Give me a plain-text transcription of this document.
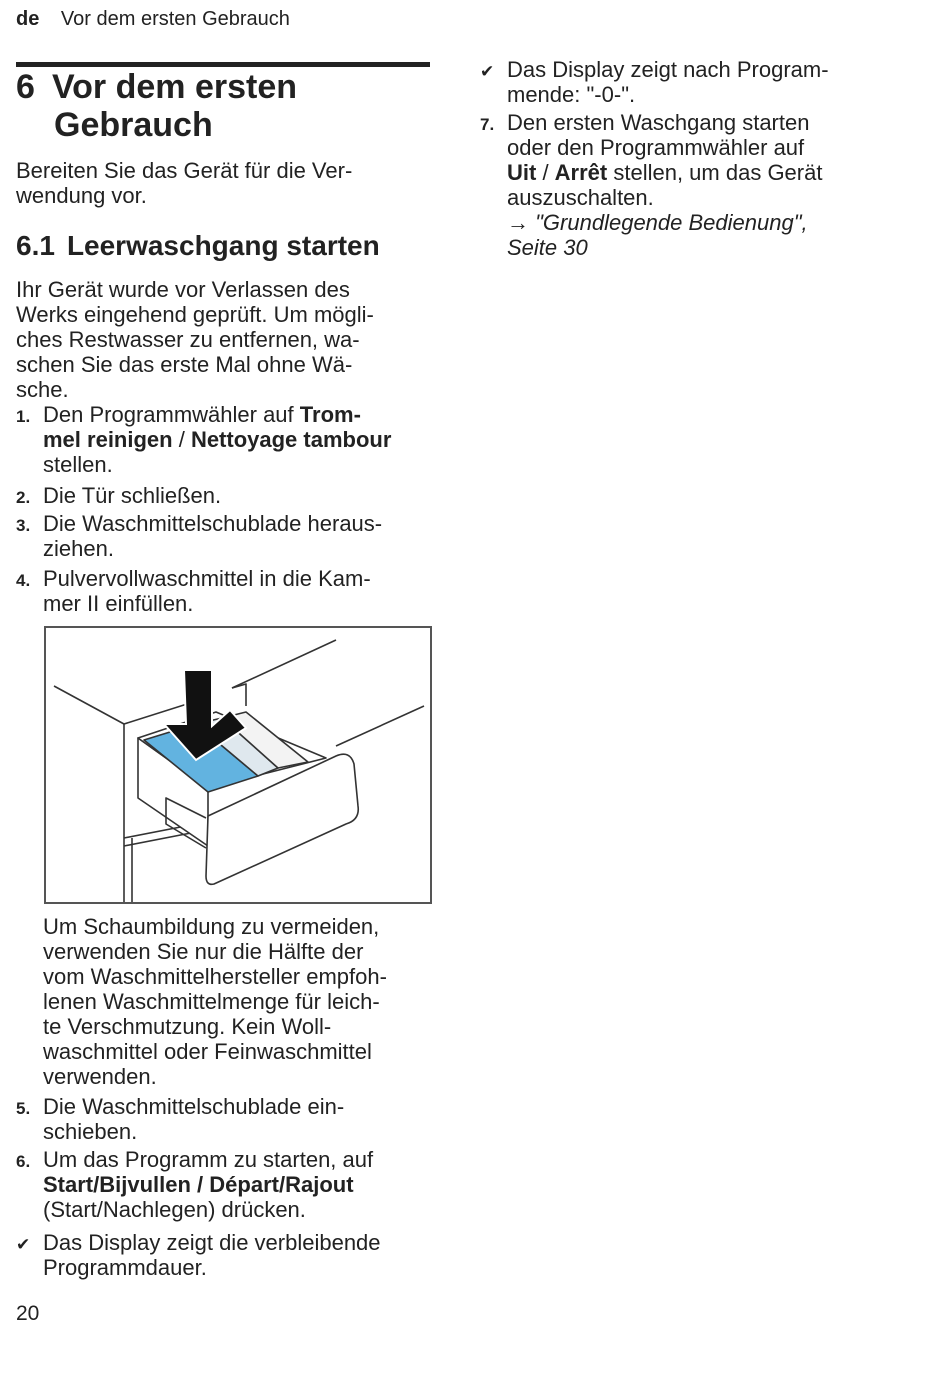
de Vor dem ersten Gebrauch
6 Vor dem ersten
Gebrauch
Bereiten Sie das Gerät für die Ver-
wendung vor.
6.1 Leerwaschgang starten
Ihr Gerät wurde vor Verlassen des
Werks eingehend geprüft. Um mögli-
ches Restwasser zu entfernen, wa-
schen Sie das erste Mal ohne Wä-
sche.
1. Den Programmwähler auf Trom-
mel reinigen / Nettoyage tambour
stellen.
2. Die Tür schließen.
3. Die Waschmittelschublade heraus-
ziehen.
4. Pulvervollwaschmittel in die Kam-
mer II einfüllen.
Um Schaumbildung zu vermeiden,
verwenden Sie nur die Hälfte der
vom Waschmittelhersteller empfoh-
lenen Waschmittelmenge für leich-
te Verschmutzung. Kein Woll-
waschmittel oder Feinwaschmittel
verwenden.
5. Die Waschmittelschublade ein-
schieben.
6. Um das Programm zu starten, auf
Start/Bijvullen / Départ/Rajout
(Start/Nachlegen) drücken.
✔ Das Display zeigt die verbleibende
Programmdauer.
✔ Das Display zeigt nach Program-
mende: "-0-".
7. Den ersten Waschgang starten
oder den Programmwähler auf
Uit / Arrêt stellen, um das Gerät
auszuschalten.
→ "Grundlegende Bedienung",
Seite 30
20
